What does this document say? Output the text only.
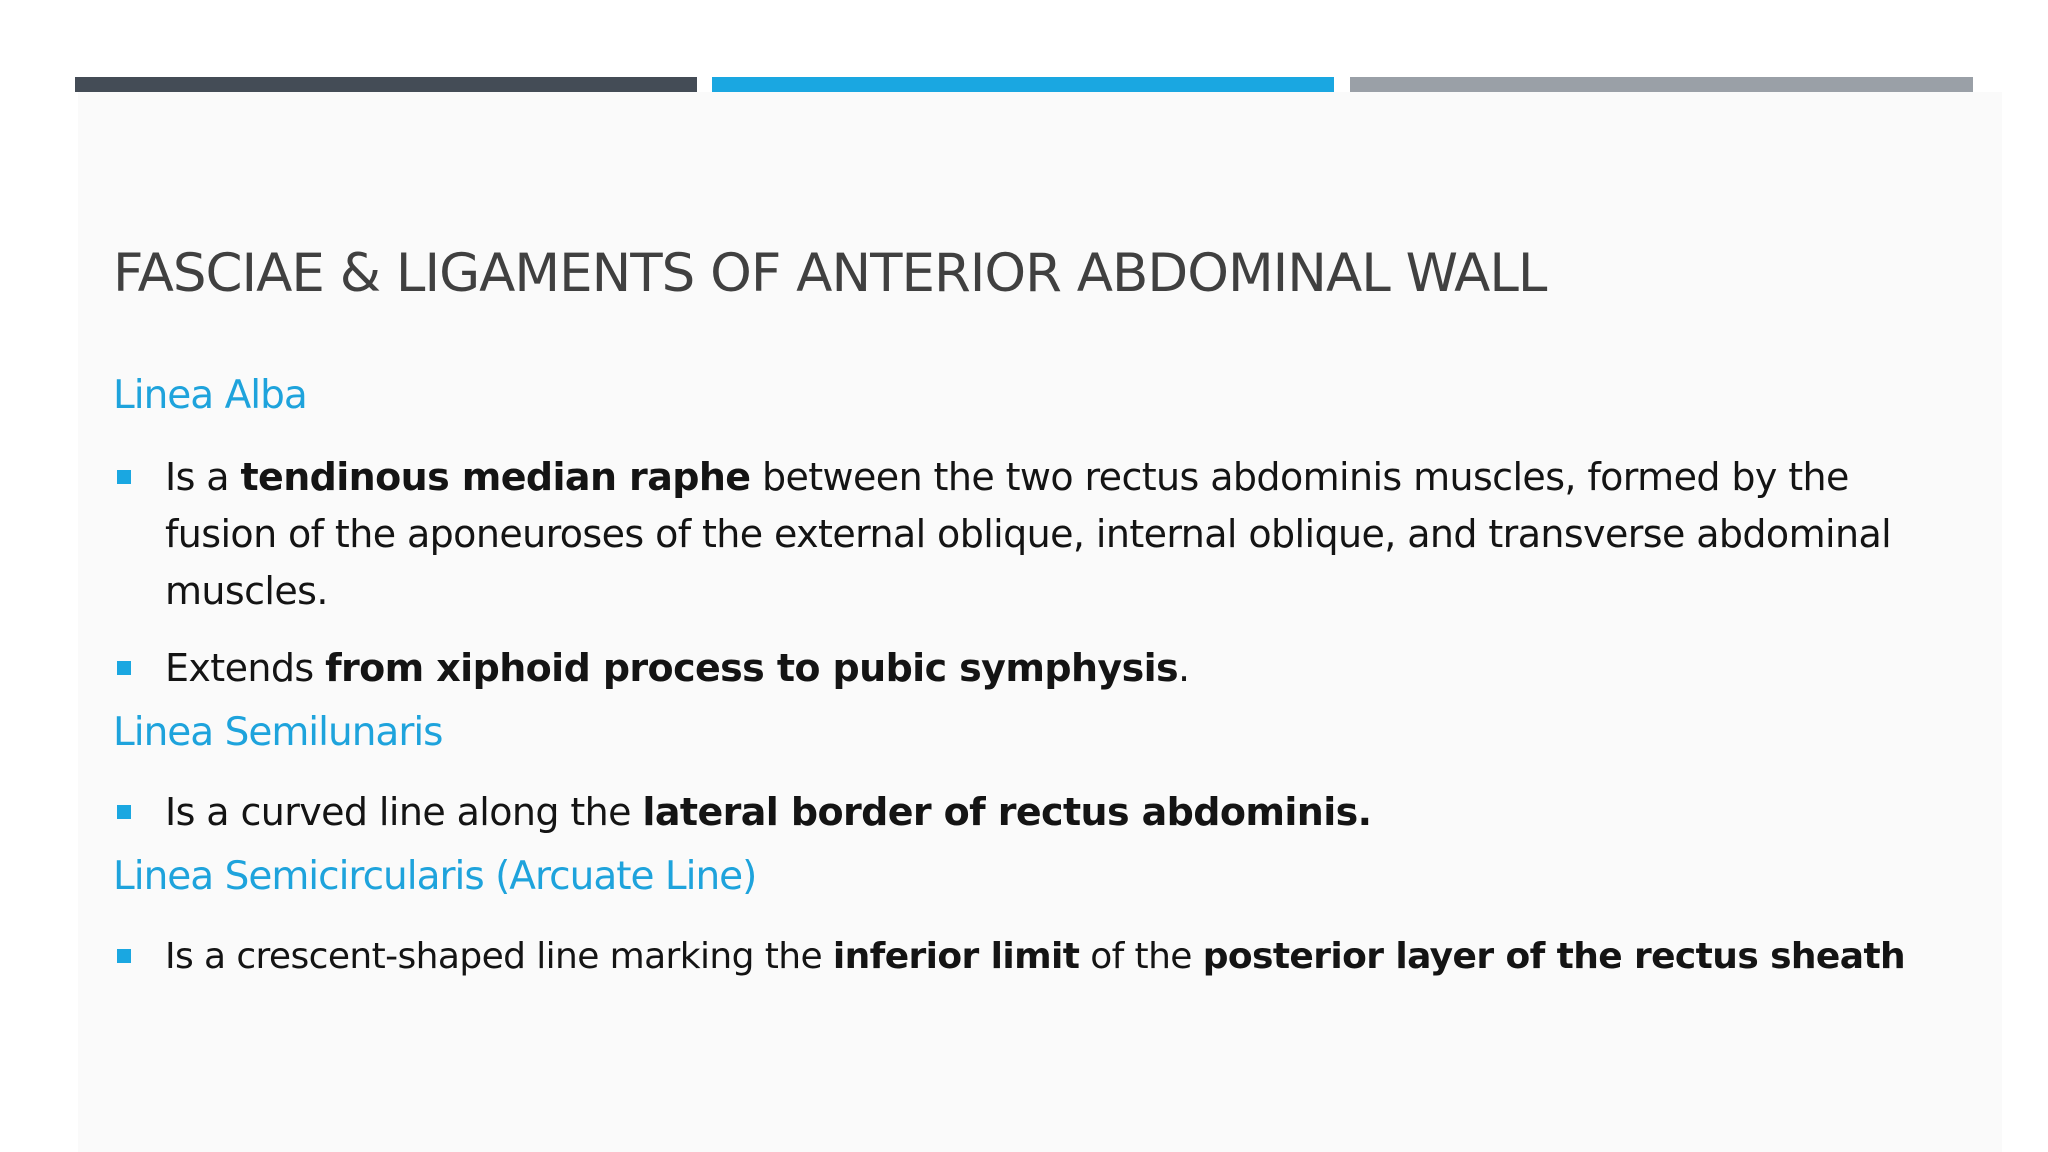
FASCIAE & LIGAMENTS OF ANTERIOR ABDOMINAL WALL
Linea Alba

Is a tendinous median raphe between the two rectus abdominis muscles, formed by the fusion of the aponeuroses of the external oblique, internal oblique, and transverse abdominal muscles.

Extends from xiphoid process to pubic symphysis.

Linea Semilunaris

Is a curved line along the lateral border of rectus abdominis.

Linea Semicircularis (Arcuate Line)

Is a crescent-shaped line marking the inferior limit of the posterior layer of the rectus sheath
